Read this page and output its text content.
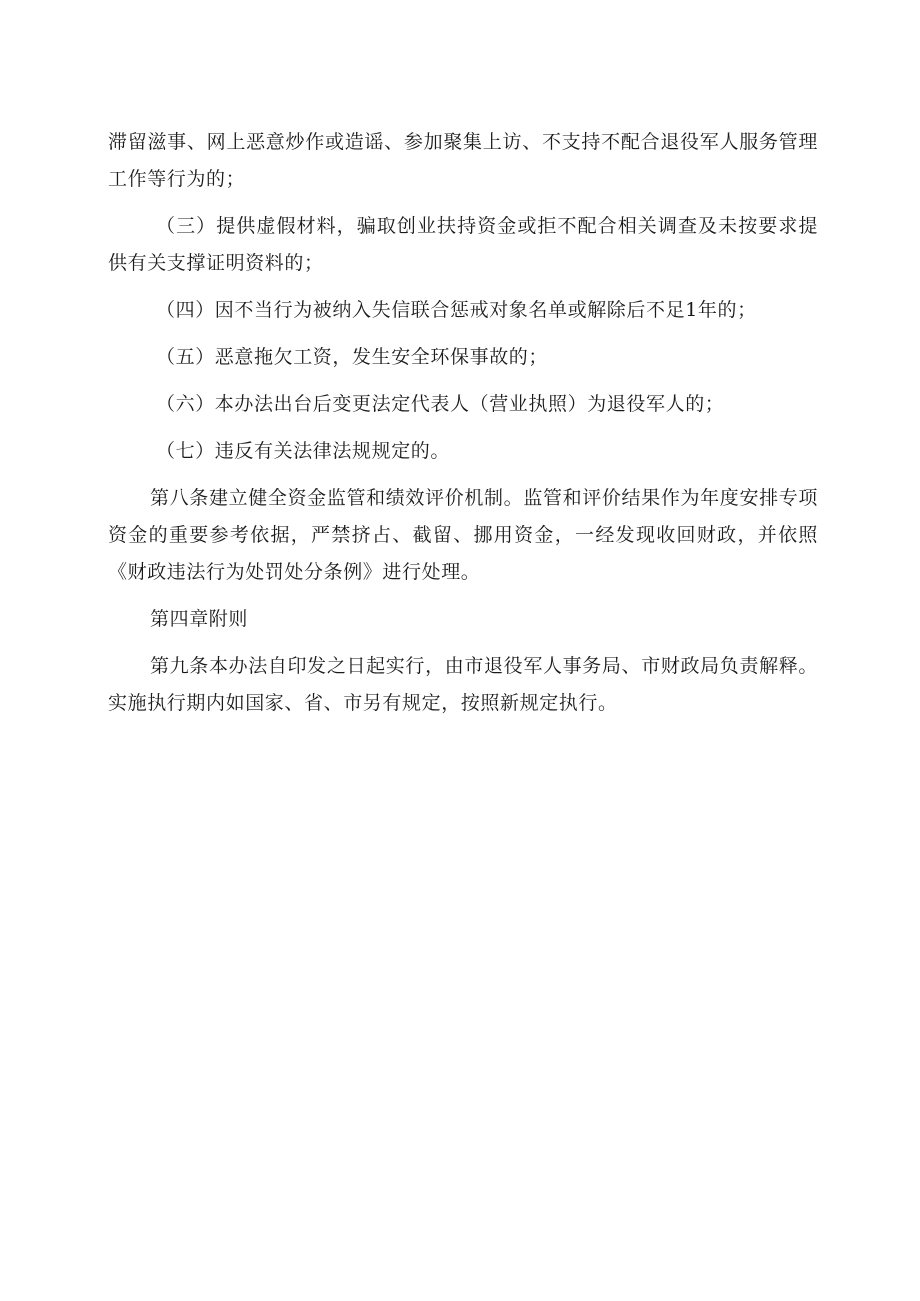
滞留滋事、网上恶意炒作或造谣、参加聚集上访、不支持不配合退役军人服务管理工作等行为的；

（三）提供虚假材料，骗取创业扶持资金或拒不配合相关调查及未按要求提供有关支撑证明资料的；

（四）因不当行为被纳入失信联合惩戒对象名单或解除后不足1年的；

（五）恶意拖欠工资，发生安全环保事故的；

（六）本办法出台后变更法定代表人（营业执照）为退役军人的；

（七）违反有关法律法规规定的。

第八条建立健全资金监管和绩效评价机制。监管和评价结果作为年度安排专项资金的重要参考依据，严禁挤占、截留、挪用资金，一经发现收回财政，并依照《财政违法行为处罚处分条例》进行处理。

第四章附则

第九条本办法自印发之日起实行，由市退役军人事务局、市财政局负责解释。实施执行期内如国家、省、市另有规定，按照新规定执行。
